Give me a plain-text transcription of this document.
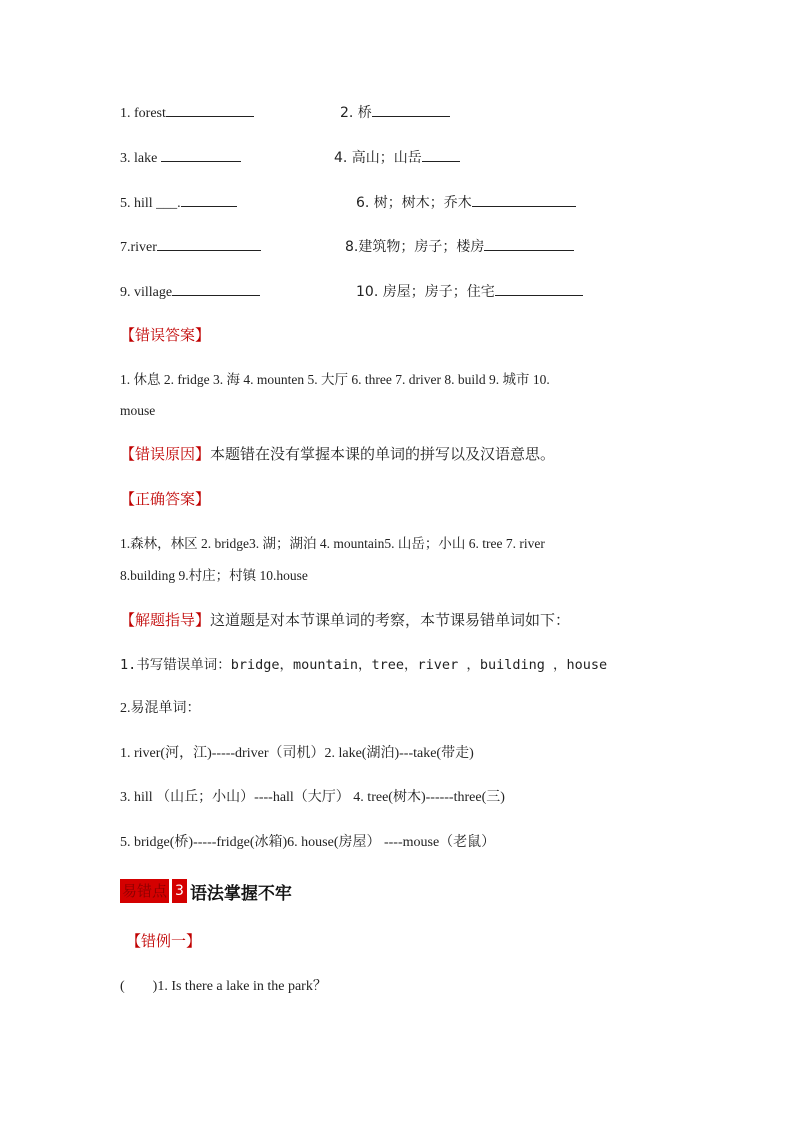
1. forest	2. 桥
3. lake	4. 高山；山岳
5. hill ___.	6. 树；树木；乔木
7.river	8.建筑物；房子；楼房
9. village	10. 房屋；房子；住宅
【错误答案】
1. 休息 2. fridge 3. 海 4. mounten 5. 大厅 6. three 7. driver 8. build 9. 城市 10.
mouse
【错误原因】本题错在没有掌握本课的单词的拼写以及汉语意思。
【正确答案】
1.森林，林区 2. bridge3. 湖；湖泊 4. mountain5. 山岳；小山 6. tree 7. river
8.building 9.村庄；村镇 10.house
【解题指导】这道题是对本节课单词的考察，本节课易错单词如下：
1.书写错误单词：bridge，mountain，tree，river ，building ，house
2.易混单词：
1. river(河，江)-----driver（司机）2. lake(湖泊)---take(带走)
3. hill （山丘；小山）----hall（大厅） 4. tree(树木)------three(三)
5. bridge(桥)-----fridge(冰箱)6. house(房屋） ----mouse（老鼠）
易错点 3 语法掌握不牢
【错例一】
(　　)1. Is there a lake in the park？
